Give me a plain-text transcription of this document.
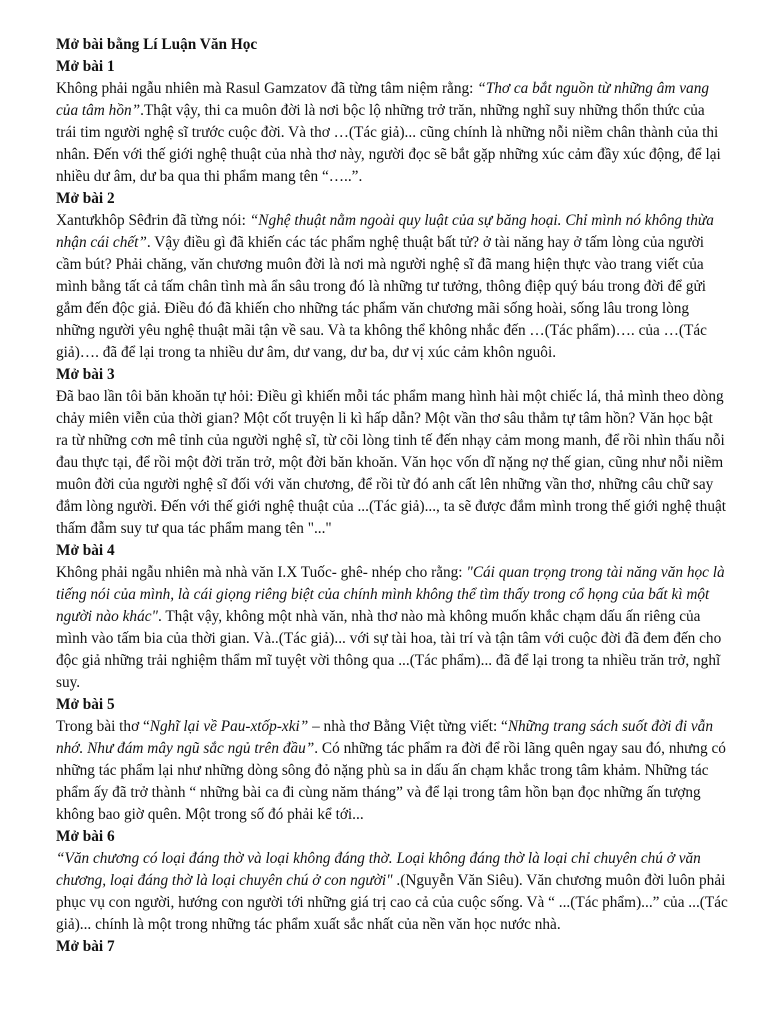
Mở bài bằng Lí Luận Văn Học
Mở bài 1

Không phải ngẫu nhiên mà Rasul Gamzatov đã từng tâm niệm rằng: “Thơ ca bắt nguồn từ những âm vang của tâm hồn”.Thật vậy, thi ca muôn đời là nơi bộc lộ những trở trăn, những nghĩ suy những thổn thức của trái tim người nghệ sĩ trước cuộc đời. Và thơ …(Tác giả)... cũng chính là những nỗi niềm chân thành của thi nhân. Đến với thế giới nghệ thuật của nhà thơ này, người đọc sẽ bắt gặp những xúc cảm đầy xúc động, để lại nhiều dư âm, dư ba qua thi phẩm mang tên “…..”.

Mở bài 2

Xantưkhôp Sêđrin đã từng nói: “Nghệ thuật nằm ngoài quy luật của sự băng hoại. Chỉ mình nó không thừa nhận cái chết”. Vậy điều gì đã khiến các tác phẩm nghệ thuật bất tử? ở tài năng hay ở tấm lòng của người cầm bút? Phải chăng, văn chương muôn đời là nơi mà người nghệ sĩ đã mang hiện thực vào trang viết của mình bằng tất cả tấm chân tình mà ẩn sâu trong đó là những tư tưởng, thông điệp quý báu trong đời để gửi gắm đến độc giả. Điều đó đã khiến cho những tác phẩm văn chương mãi sống hoài, sống lâu trong lòng những người yêu nghệ thuật mãi tận về sau. Và ta không thể không nhắc đến …(Tác phẩm)…. của …(Tác giả)…. đã để lại trong ta nhiều dư âm, dư vang, dư ba, dư vị xúc cảm khôn nguôi.

Mở bài 3

Đã bao lần tôi băn khoăn tự hỏi: Điều gì khiến mỗi tác phẩm mang hình hài một chiếc lá, thả mình theo dòng chảy miên viễn của thời gian? Một cốt truyện li kì hấp dẫn? Một vần thơ sâu thẳm tự tâm hồn? Văn học bật ra từ những cơn mê tỉnh của người nghệ sĩ, từ cõi lòng tinh tế đến nhạy cảm mong manh, để rồi nhìn thấu nỗi đau thực tại, để rồi một đời trăn trở, một đời băn khoăn. Văn học vốn dĩ nặng nợ thế gian, cũng như nỗi niềm muôn đời của người nghệ sĩ đối với văn chương, để rồi từ đó anh cất lên những vần thơ, những câu chữ say đắm lòng người. Đến với thế giới nghệ thuật của ...(Tác giả)..., ta sẽ được đắm mình trong thế giới nghệ thuật thấm đẫm suy tư qua tác phẩm mang tên "..."

Mở bài 4

Không phải ngẫu nhiên mà nhà văn I.X Tuốc- ghê- nhép cho rằng: "Cái quan trọng trong tài năng văn học là tiếng nói của mình, là cái giọng riêng biệt của chính mình không thể tìm thấy trong cổ họng của bất kì một người nào khác". Thật vậy, không một nhà văn, nhà thơ nào mà không muốn khắc chạm dấu ấn riêng của mình vào tấm bia của thời gian. Và..(Tác giả)... với sự tài hoa, tài trí và tận tâm với cuộc đời đã đem đến cho độc giả những trải nghiệm thẩm mĩ tuyệt vời thông qua ...(Tác phẩm)... đã để lại trong ta nhiều trăn trở, nghĩ suy.

Mở bài 5

Trong bài thơ “Nghĩ lại về Pau-xtốp-xki” – nhà thơ Bằng Việt từng viết: “Những trang sách suốt đời đi vẫn nhớ. Như đám mây ngũ sắc ngủ trên đầu”. Có những tác phẩm ra đời để rồi lãng quên ngay sau đó, nhưng có những tác phẩm lại như những dòng sông đỏ nặng phù sa in dấu ấn chạm khắc trong tâm khảm. Những tác phẩm ấy đã trở thành “ những bài ca đi cùng năm tháng” và để lại trong tâm hồn bạn đọc những ấn tượng không bao giờ quên. Một trong số đó phải kể tới...

Mở bài 6

“Văn chương có loại đáng thờ và loại không đáng thờ. Loại không đáng thờ là loại chỉ chuyên chú ở văn chương, loại đáng thờ là loại chuyên chú ở con người" .(Nguyễn Văn Siêu). Văn chương muôn đời luôn phải phục vụ con người, hướng con người tới những giá trị cao cả của cuộc sống. Và “ ...(Tác phẩm)...” của ...(Tác giả)... chính là một trong những tác phẩm xuất sắc nhất của nền văn học nước nhà.

Mở bài 7
